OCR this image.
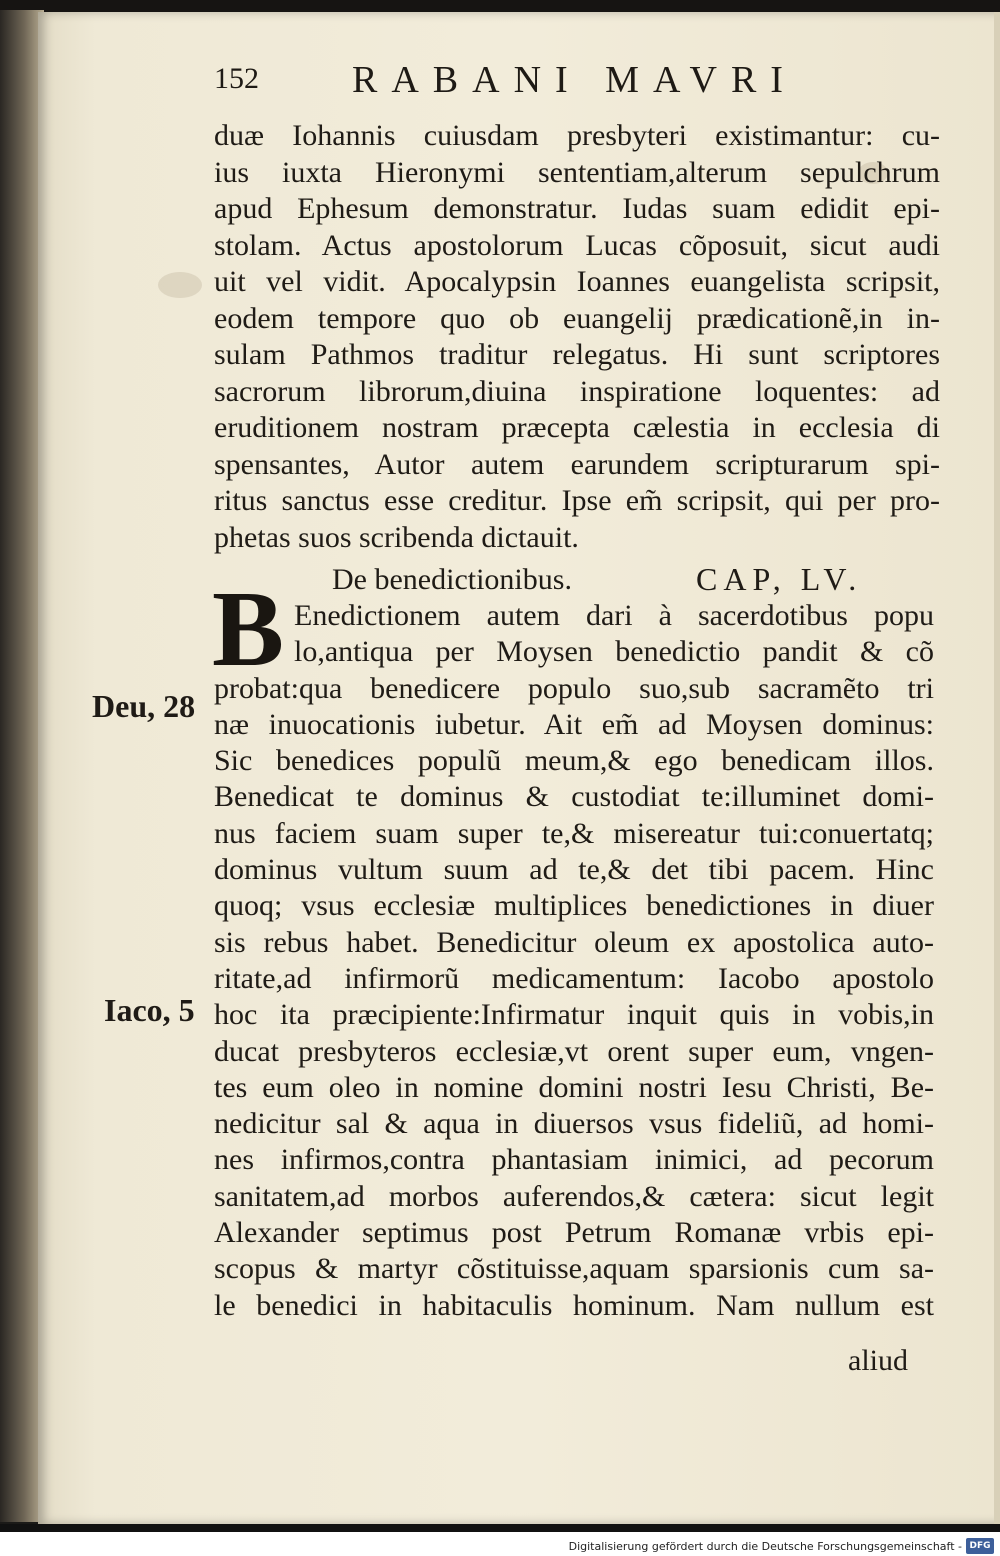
152 RABANI MAVRI
duæ Iohannis cuiusdam presbyteri existimantur: cu-
ius iuxta Hieronymi sententiam,alterum sepulchrum
apud Ephesum demonstratur. Iudas suam edidit epi-
stolam. Actus apostolorum Lucas cõposuit, sicut audi
uit vel vidit. Apocalypsin Ioannes euangelista scripsit,
eodem tempore quo ob euangelij prædicationẽ,in in-
sulam Pathmos traditur relegatus. Hi sunt scriptores
sacrorum librorum,diuina inspiratione loquentes: ad
eruditionem nostram præcepta cælestia in ecclesia di
spensantes, Autor autem earundem scripturarum spi-
ritus sanctus esse creditur. Ipse em̃ scripsit, qui per pro-
phetas suos scribenda dictauit.
De benedictionibus.	CAP, LV.
B Enedictionem autem dari à sacerdotibus popu
lo,antiqua per Moysen benedictio pandit & cõ
probat:qua benedicere populo suo,sub sacramẽto tri
næ inuocationis iubetur. Ait em̃ ad Moysen dominus:
Sic benedices populũ meum,& ego benedicam illos.
Benedicat te dominus & custodiat te:illuminet domi-
nus faciem suam super te,& misereatur tui:conuertatq;
dominus vultum suum ad te,& det tibi pacem. Hinc
quoq; vsus ecclesiæ multiplices benedictiones in diuer
sis rebus habet. Benedicitur oleum ex apostolica auto-
ritate,ad infirmorũ medicamentum: Iacobo apostolo
hoc ita præcipiente:Infirmatur inquit quis in vobis,in
ducat presbyteros ecclesiæ,vt orent super eum, vngen-
tes eum oleo in nomine domini nostri Iesu Christi, Be-
nedicitur sal & aqua in diuersos vsus fideliũ, ad homi-
nes infirmos,contra phantasiam inimici, ad pecorum
sanitatem,ad morbos auferendos,& cætera: sicut legit
Alexander septimus post Petrum Romanæ vrbis epi-
scopus & martyr cõstituisse,aquam sparsionis cum sa-
le benedici in habitaculis hominum. Nam nullum est
Deu, 28
Iaco, 5
aliud
Digitalisierung gefördert durch die Deutsche Forschungsgemeinschaft - DFG
